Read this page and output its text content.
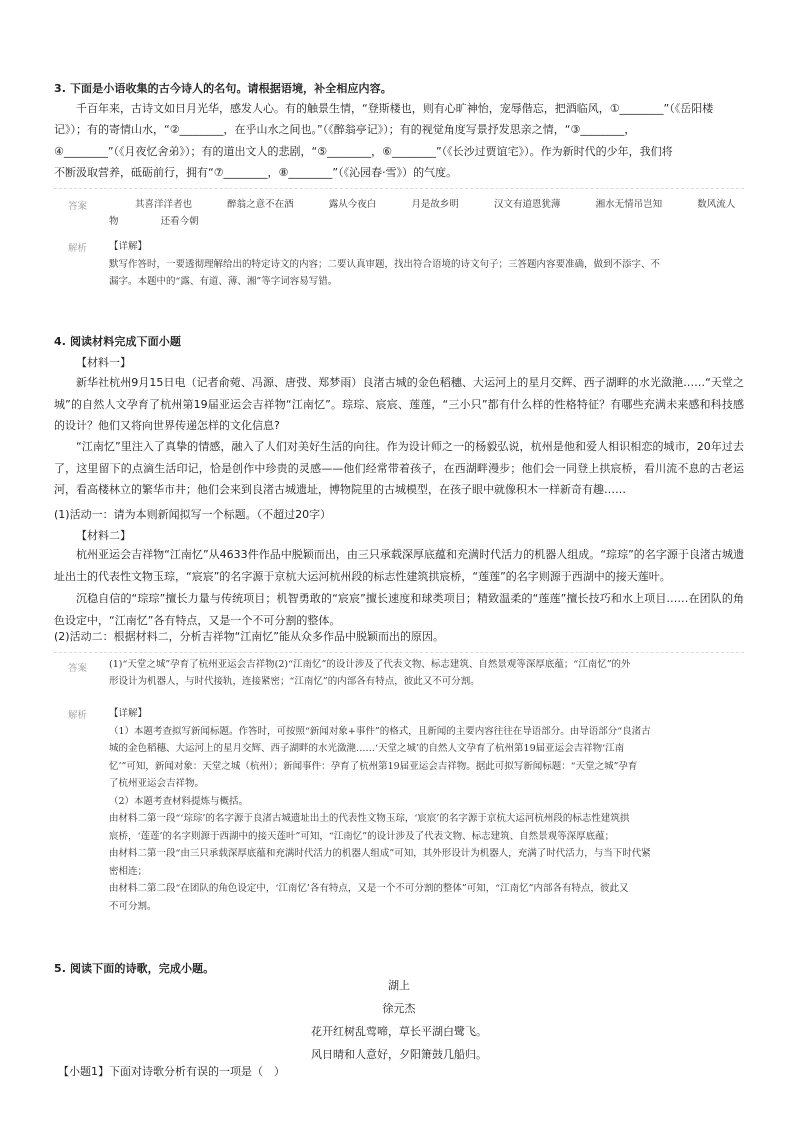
3. 下面是小语收集的古今诗人的名句。请根据语境，补全相应内容。
千百年来，古诗文如日月光华，感发人心。有的触景生情，“登斯楼也，则有心旷神怡，宠辱偕忘，把酒临风，①________”（《岳阳楼
记》）；有的寄情山水，“②________，在乎山水之间也。”（《醉翁亭记》）；有的视觉角度写景抒发思亲之情，“③________，
④________”（《月夜忆舍弟》）；有的道出文人的悲剧，“⑤________，⑥________”（《长沙过贾谊宅》）。作为新时代的少年，我们将
不断汲取营养，砥砺前行，拥有“⑦________，⑧________”（《沁园春·雪》）的气度。
答案	其喜洋洋者也	醉翁之意不在酒	露从今夜白	月是故乡明	汉文有道恩犹薄	湘水无情吊岂知	数风流人
物	还看今朝
解析 【详解】

默写作答时，一要透彻理解给出的特定诗文的内容；二要认真审题，找出符合语境的诗文句子；三答题内容要准确，做到不添字、不

漏字。本题中的“露、有道、薄、湘”等字词容易写错。

4. 阅读材料完成下面小题
【材料一】
新华社杭州9月15日电（记者俞菀、冯源、唐弢、郑梦雨）良渚古城的金色稻穗、大运河上的星月交辉、西子湖畔的水光潋滟……“天堂之城”的自然人文孕育了杭州第19届亚运会吉祥物“江南忆”。琮琮、宸宸、莲莲，“三小只”都有什么样的性格特征？有哪些充满未来感和科技感的设计？他们又将向世界传递怎样的文化信息?
“江南忆”里注入了真挚的情感，融入了人们对美好生活的向往。作为设计师之一的杨毅弘说，杭州是他和爱人相识相恋的城市，20年过去了，这里留下的点滴生活印记，恰是创作中珍贵的灵感——他们经常带着孩子，在西湖畔漫步；他们会一同登上拱宸桥，看川流不息的古老运河，看高楼林立的繁华市井；他们会来到良渚古城遗址，博物院里的古城模型，在孩子眼中就像积木一样新奇有趣……
(1)活动一：请为本则新闻拟写一个标题。（不超过20字）
【材料二】
杭州亚运会吉祥物“江南忆”从4633件作品中脱颖而出，由三只承载深厚底蕴和充满时代活力的机器人组成。“琮琮”的名字源于良渚古城遗址出土的代表性文物玉琮，“宸宸”的名字源于京杭大运河杭州段的标志性建筑拱宸桥，“莲莲”的名字则源于西湖中的接天莲叶。
沉稳自信的“琮琮”擅长力量与传统项目；机智勇敢的“宸宸”擅长速度和球类项目；精致温柔的“莲莲”擅长技巧和水上项目……在团队的角色设定中，“江南忆”各有特点，又是一个不可分割的整体。
(2)活动二：根据材料二，分析吉祥物“江南忆”能从众多作品中脱颖而出的原因。
答案 (1)“天堂之城”孕育了杭州亚运会吉祥物(2)“江南忆”的设计涉及了代表文物、标志建筑、自然景观等深厚底蕴；“江南忆”的外
形设计为机器人，与时代接轨，连接紧密；“江南忆”的内部各有特点，彼此又不可分割。
解析 【详解】

（1）本题考查拟写新闻标题。作答时，可按照“新闻对象+事件”的格式，且新闻的主要内容往往在导语部分。由导语部分“良渚古

城的金色稻穗、大运河上的星月交辉、西子湖畔的水光潋滟……‘天堂之城’的自然人文孕育了杭州第19届亚运会吉祥物‘江南

忆’”可知，新闻对象：天堂之城（杭州）；新闻事件：孕育了杭州第19届亚运会吉祥物。据此可拟写新闻标题：“天堂之城”孕育

了杭州亚运会吉祥物。

（2）本题考查材料提炼与概括。

由材料二第一段“‘琮琮’的名字源于良渚古城遗址出土的代表性文物玉琮，‘宸宸’的名字源于京杭大运河杭州段的标志性建筑拱

宸桥，‘莲莲’的名字则源于西湖中的接天莲叶”可知，“江南忆”的设计涉及了代表文物、标志建筑、自然景观等深厚底蕴；

由材料二第一段“由三只承载深厚底蕴和充满时代活力的机器人组成”可知，其外形设计为机器人，充满了时代活力，与当下时代紧

密相连；

由材料二第二段“在团队的角色设定中，‘江南忆’各有特点，又是一个不可分割的整体”可知，“江南忆”内部各有特点，彼此又

不可分割。

5. 阅读下面的诗歌，完成小题。
湖上
徐元杰
花开红树乱莺啼，草长平湖白鹭飞。
风日晴和人意好，夕阳箫鼓几船归。
【小题1】下面对诗歌分析有误的一项是（　）
